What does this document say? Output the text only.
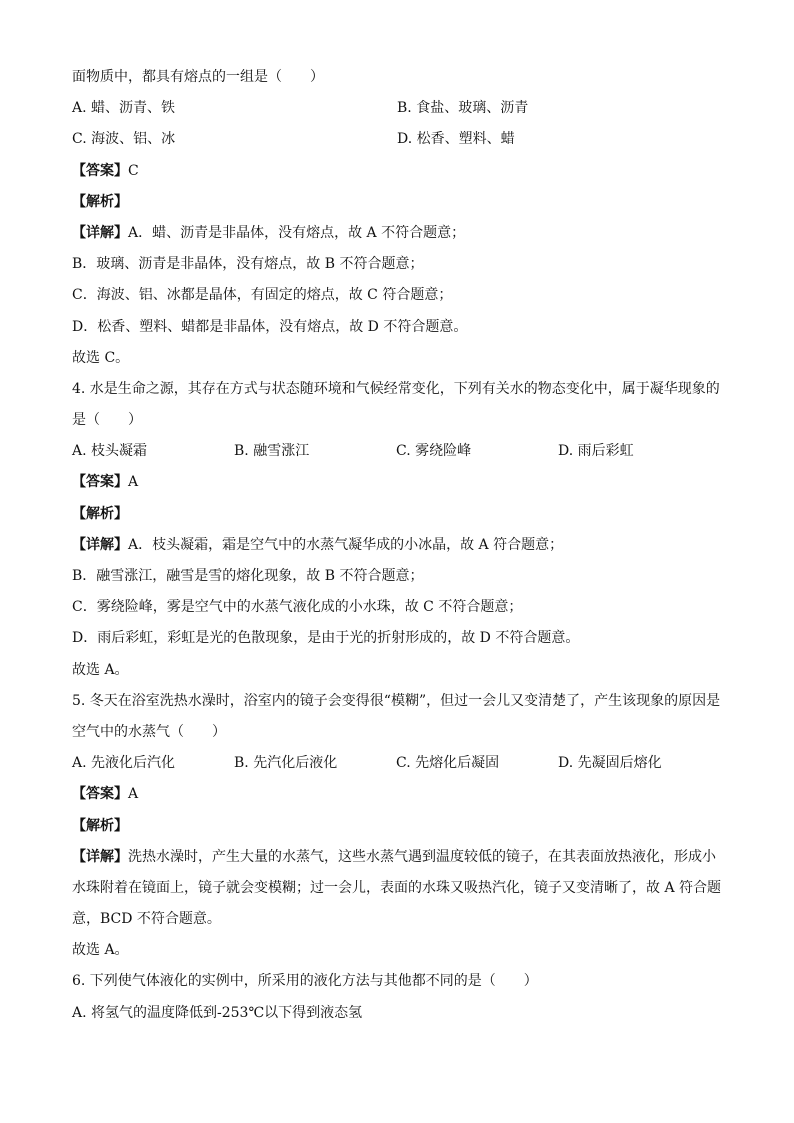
面物质中，都具有熔点的一组是（　　）
A. 蜡、沥青、铁	B. 食盐、玻璃、沥青
C. 海波、铝、冰	D. 松香、塑料、蜡
【答案】C
【解析】
【详解】A．蜡、沥青是非晶体，没有熔点，故 A 不符合题意；
B．玻璃、沥青是非晶体，没有熔点，故 B 不符合题意；
C．海波、铝、冰都是晶体，有固定的熔点，故 C 符合题意；
D．松香、塑料、蜡都是非晶体，没有熔点，故 D 不符合题意。
故选 C。
4. 水是生命之源，其存在方式与状态随环境和气候经常变化，下列有关水的物态变化中，属于凝华现象的
是（　　）
A. 枝头凝霜	B. 融雪涨江	C. 雾绕险峰	D. 雨后彩虹
【答案】A
【解析】
【详解】A．枝头凝霜，霜是空气中的水蒸气凝华成的小冰晶，故 A 符合题意；
B．融雪涨江，融雪是雪的熔化现象，故 B 不符合题意；
C．雾绕险峰，雾是空气中的水蒸气液化成的小水珠，故 C 不符合题意；
D．雨后彩虹，彩虹是光的色散现象，是由于光的折射形成的，故 D 不符合题意。
故选 A。
5. 冬天在浴室洗热水澡时，浴室内的镜子会变得很“模糊”，但过一会儿又变清楚了，产生该现象的原因是
空气中的水蒸气（　　）
A. 先液化后汽化	B. 先汽化后液化	C. 先熔化后凝固	D. 先凝固后熔化
【答案】A
【解析】
【详解】洗热水澡时，产生大量的水蒸气，这些水蒸气遇到温度较低的镜子，在其表面放热液化，形成小
水珠附着在镜面上，镜子就会变模糊；过一会儿，表面的水珠又吸热汽化，镜子又变清晰了，故 A 符合题
意，BCD 不符合题意。
故选 A。
6. 下列使气体液化的实例中，所采用的液化方法与其他都不同的是（　　）
A. 将氢气的温度降低到-253℃以下得到液态氢
